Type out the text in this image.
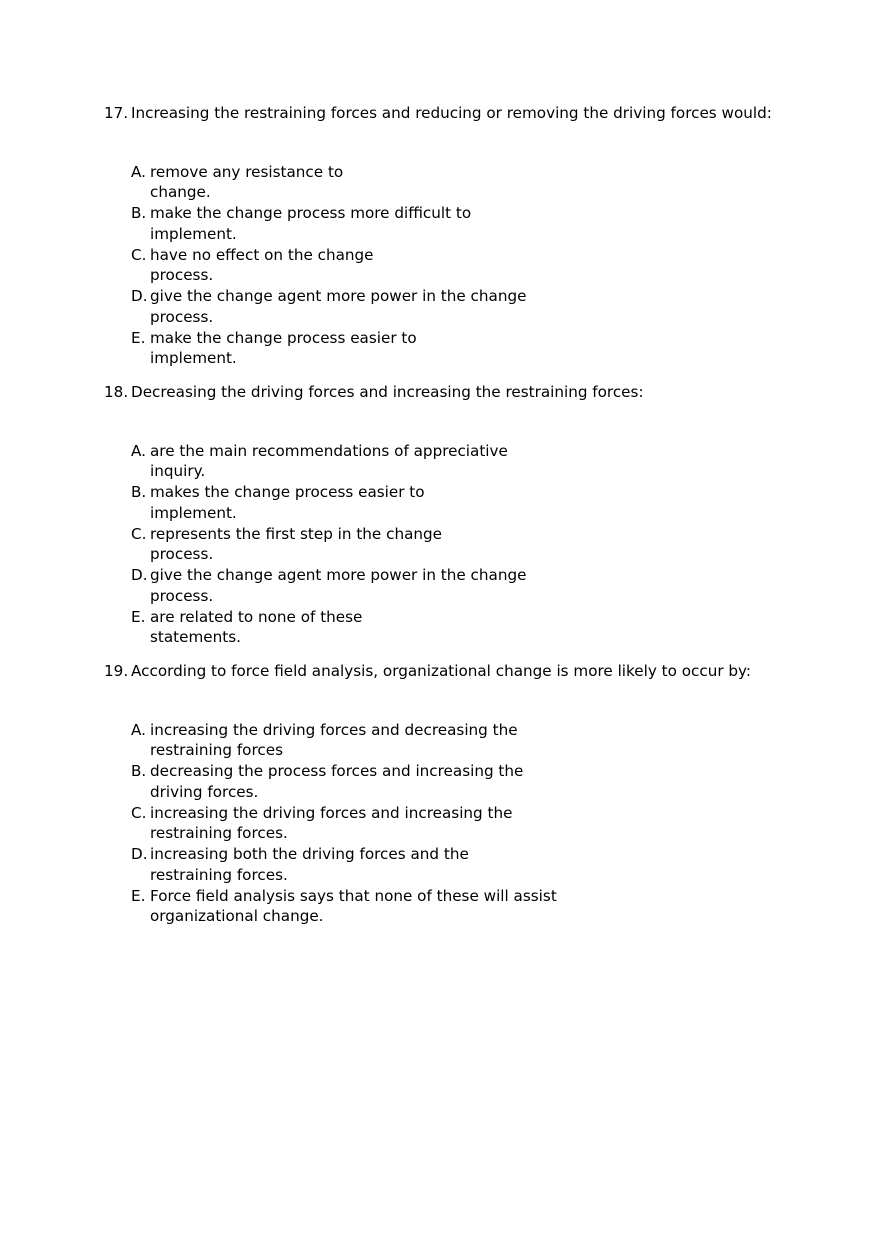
17. Increasing the restraining forces and reducing or removing the driving forces would:
A. remove any resistance to
change.
B. make the change process more difficult to
implement.
C. have no effect on the change
process.
D. give the change agent more power in the change
process.
E. make the change process easier to
implement.
18. Decreasing the driving forces and increasing the restraining forces:
A. are the main recommendations of appreciative
inquiry.
B. makes the change process easier to
implement.
C. represents the first step in the change
process.
D. give the change agent more power in the change
process.
E. are related to none of these
statements.
19. According to force field analysis, organizational change is more likely to occur by:
A. increasing the driving forces and decreasing the
restraining forces
B. decreasing the process forces and increasing the
driving forces.
C. increasing the driving forces and increasing the
restraining forces.
D. increasing both the driving forces and the
restraining forces.
E. Force field analysis says that none of these will assist
organizational change.
